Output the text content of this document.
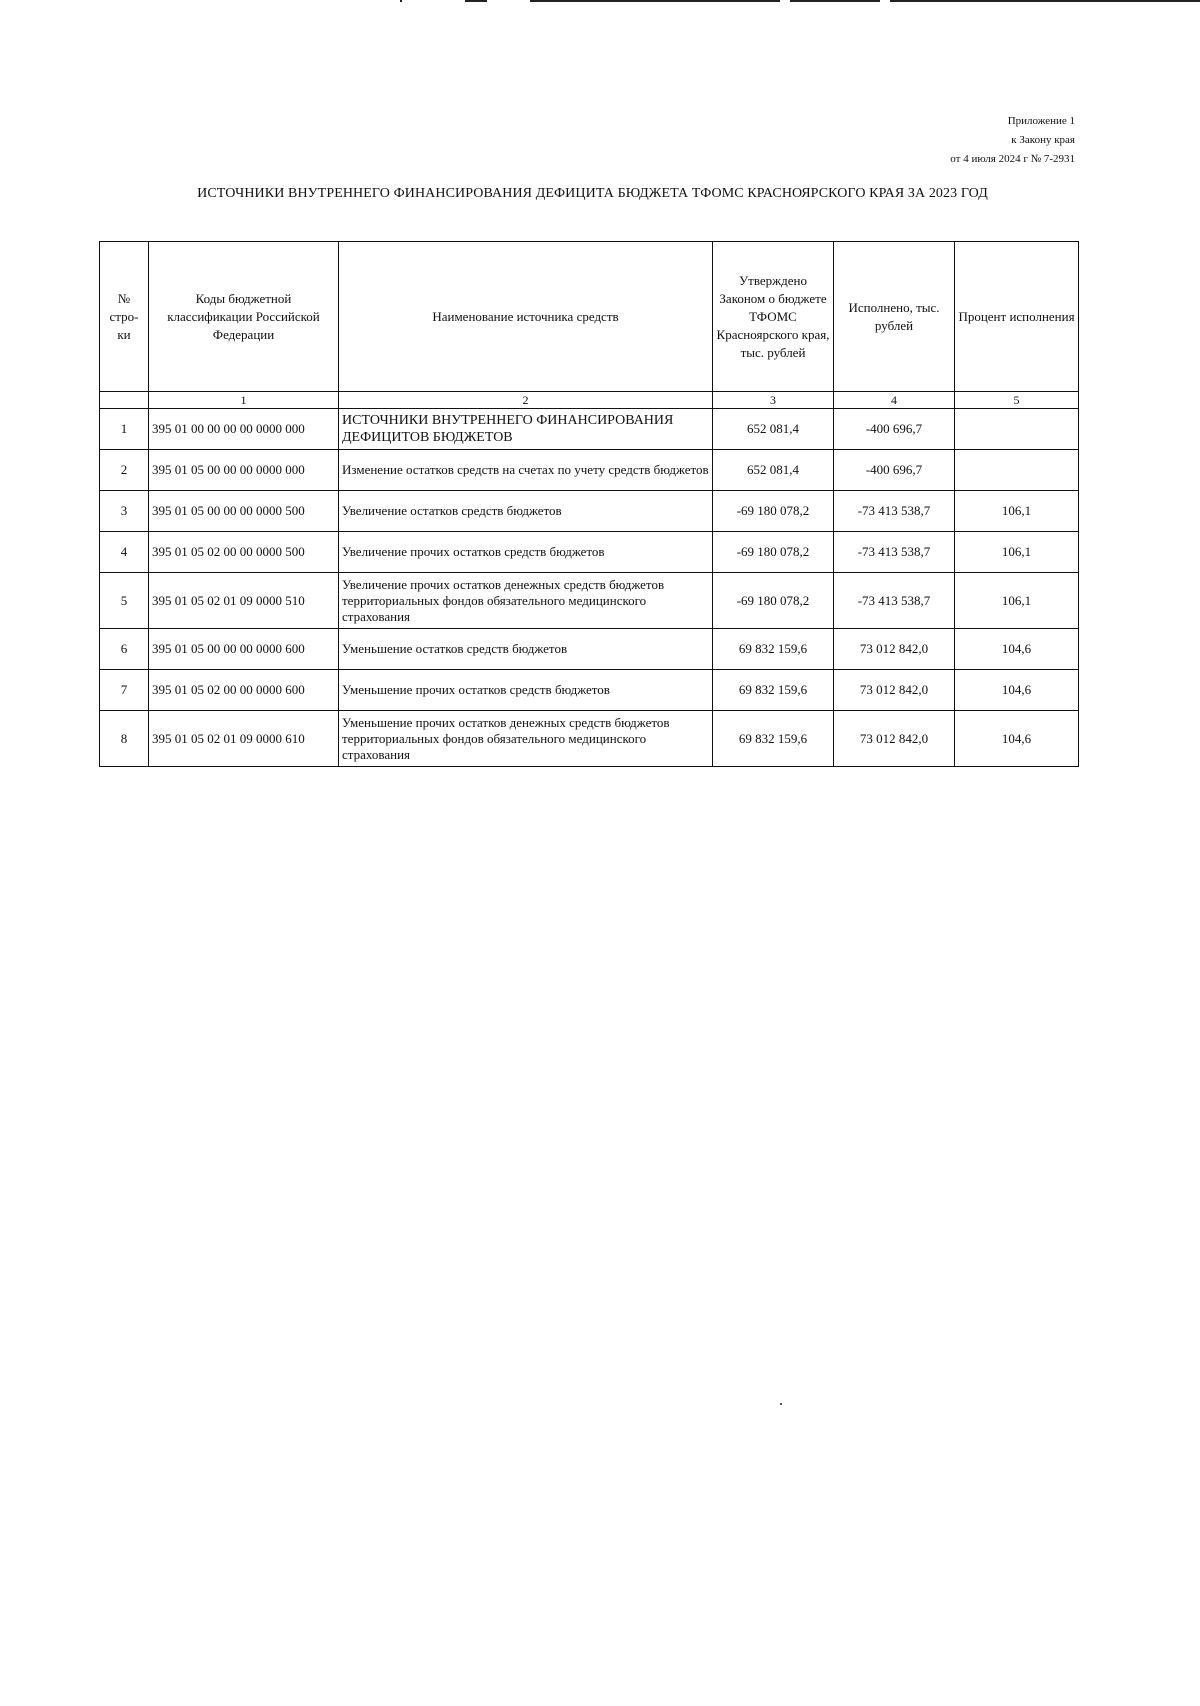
Приложение 1
к Закону края
от 4 июля 2024 г № 7-2931
ИСТОЧНИКИ ВНУТРЕННЕГО ФИНАНСИРОВАНИЯ ДЕФИЦИТА БЮДЖЕТА ТФОМС КРАСНОЯРСКОГО КРАЯ ЗА 2023 ГОД
№
стро-
ки	Коды бюджетной классификации Российской Федерации	Наименование источника средств	Утверждено Законом о бюджете ТФОМС Красноярского края, тыс. рублей	Исполнено, тыс. рублей	Процент исполнения
	1	2	3	4	5
1	395 01 00 00 00 00 0000 000	ИСТОЧНИКИ ВНУТРЕННЕГО ФИНАНСИРОВАНИЯ ДЕФИЦИТОВ БЮДЖЕТОВ	652 081,4	-400 696,7	
2	395 01 05 00 00 00 0000 000	Изменение остатков средств на счетах по учету средств бюджетов	652 081,4	-400 696,7	
3	395 01 05 00 00 00 0000 500	Увеличение остатков средств бюджетов	-69 180 078,2	-73 413 538,7	106,1
4	395 01 05 02 00 00 0000 500	Увеличение прочих остатков средств бюджетов	-69 180 078,2	-73 413 538,7	106,1
5	395 01 05 02 01 09 0000 510	Увеличение прочих остатков денежных средств бюджетов территориальных фондов обязательного медицинского страхования	-69 180 078,2	-73 413 538,7	106,1
6	395 01 05 00 00 00 0000 600	Уменьшение остатков средств бюджетов	69 832 159,6	73 012 842,0	104,6
7	395 01 05 02 00 00 0000 600	Уменьшение прочих остатков средств бюджетов	69 832 159,6	73 012 842,0	104,6
8	395 01 05 02 01 09 0000 610	Уменьшение прочих остатков денежных средств бюджетов территориальных фондов обязательного медицинского страхования	69 832 159,6	73 012 842,0	104,6
